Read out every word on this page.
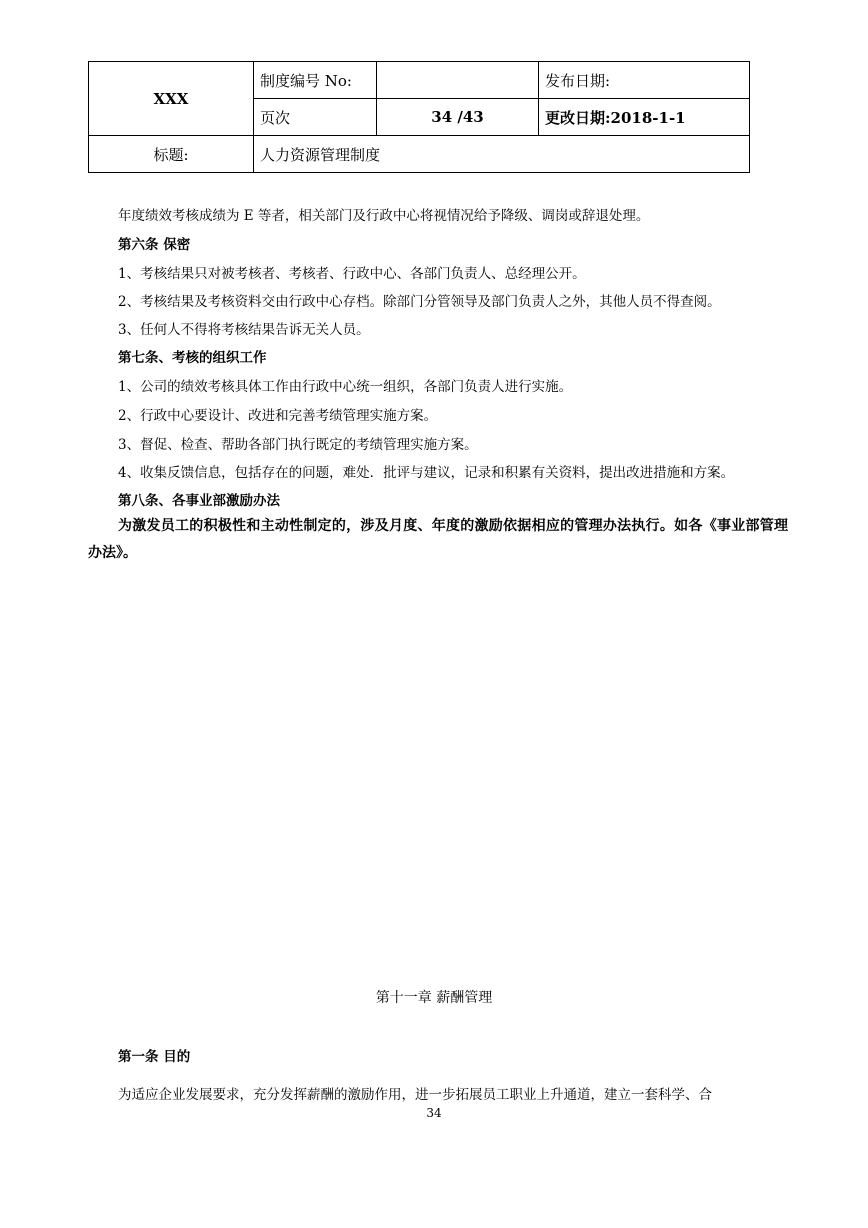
XXX	制度编号 No:		发布日期:
	页次	34 /43	更改日期:2018-1-1
标题:	人力资源管理制度		
年度绩效考核成绩为 E 等者，相关部门及行政中心将视情况给予降级、调岗或辞退处理。
第六条 保密
1、考核结果只对被考核者、考核者、行政中心、各部门负责人、总经理公开。
2、考核结果及考核资料交由行政中心存档。除部门分管领导及部门负责人之外，其他人员不得查阅。
3、任何人不得将考核结果告诉无关人员。
第七条、考核的组织工作
1、公司的绩效考核具体工作由行政中心统一组织，各部门负责人进行实施。
2、行政中心要设计、改进和完善考绩管理实施方案。
3、督促、检查、帮助各部门执行既定的考绩管理实施方案。
4、收集反馈信息，包括存在的问题，难处．批评与建议，记录和积累有关资料，提出改进措施和方案。
第八条、各事业部激励办法
为激发员工的积极性和主动性制定的，涉及月度、年度的激励依据相应的管理办法执行。如各《事业部管理办法》。
第十一章 薪酬管理
第一条 目的
为适应企业发展要求，充分发挥薪酬的激励作用，进一步拓展员工职业上升通道，建立一套科学、合
34
